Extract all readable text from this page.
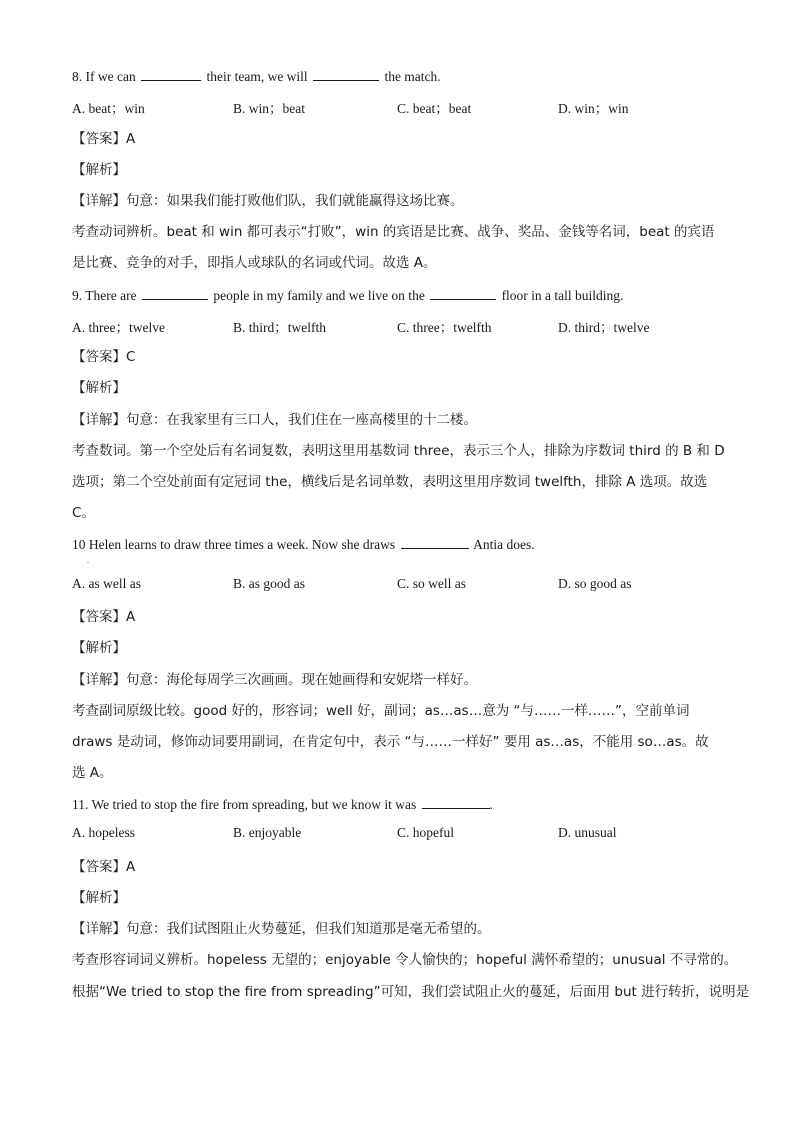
8. If we can	their team, we will	the match.
A. beat；win	B. win；beat	C. beat；beat	D. win；win
【答案】A
【解析】
【详解】句意：如果我们能打败他们队，我们就能赢得这场比赛。
考查动词辨析。beat 和 win 都可表示“打败”，win 的宾语是比赛、战争、奖品、金钱等名词，beat 的宾语
是比赛、竞争的对手，即指人或球队的名词或代词。故选 A。
9. There are	people in my family and we live on the	floor in a tall building.
A. three；twelve	B. third；twelfth	C. three；twelfth	D. third；twelve
【答案】C
【解析】
【详解】句意：在我家里有三口人，我们住在一座高楼里的十二楼。
考查数词。第一个空处后有名词复数，表明这里用基数词 three，表示三个人，排除为序数词 third 的 B 和 D
选项；第二个空处前面有定冠词 the，横线后是名词单数，表明这里用序数词 twelfth，排除 A 选项。故选
C。
10 Helen learns to draw three times a week. Now she draws	Antia does.
.
A. as well as	B. as good as	C. so well as	D. so good as
【答案】A
【解析】
【详解】句意：海伦每周学三次画画。现在她画得和安妮塔一样好。
考查副词原级比较。good 好的，形容词；well 好，副词；as…as…意为 “与……一样……”，空前单词
draws 是动词，修饰动词要用副词，在肯定句中，表示 “与……一样好” 要用 as…as，不能用 so…as。故
选 A。
11. We tried to stop the fire from spreading, but we know it was	.
A. hopeless	B. enjoyable	C. hopeful	D. unusual
【答案】A
【解析】
【详解】句意：我们试图阻止火势蔓延，但我们知道那是毫无希望的。
考查形容词词义辨析。hopeless 无望的；enjoyable 令人愉快的；hopeful 满怀希望的；unusual 不寻常的。
根据“We tried to stop the fire from spreading”可知，我们尝试阻止火的蔓延，后面用 but 进行转折，说明是
